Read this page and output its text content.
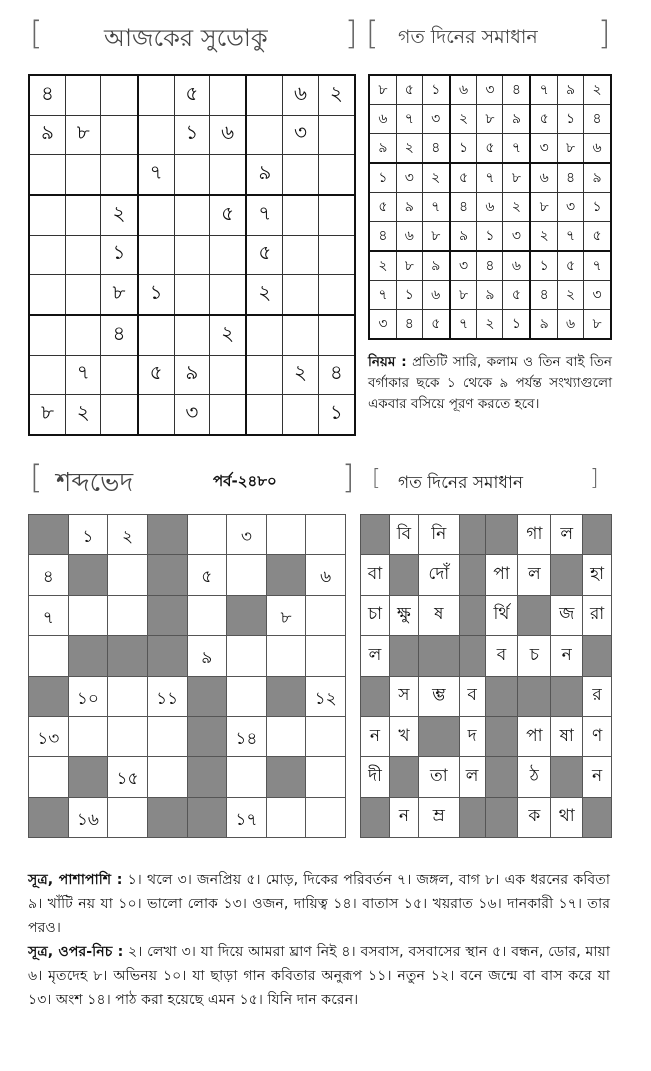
[	আজকের সুডোকু ] [ গত দিনের সমাধান ]
৪				৫			৬	২
৯	৮			১	৬		৩	
			৭			৯		
		২			৫	৭		
		১				৫		
		৮	১			২		
		৪			২			
	৭		৫	৯			২	৪
৮	২			৩				১
৮	৫	১	৬	৩	৪	৭	৯	২
৬	৭	৩	২	৮	৯	৫	১	৪
৯	২	৪	১	৫	৭	৩	৮	৬
১	৩	২	৫	৭	৮	৬	৪	৯
৫	৯	৭	৪	৬	২	৮	৩	১
৪	৬	৮	৯	১	৩	২	৭	৫
২	৮	৯	৩	৪	৬	১	৫	৭
৭	১	৬	৮	৯	৫	৪	২	৩
৩	৪	৫	৭	২	১	৯	৬	৮
নিয়ম : প্রতিটি সারি, কলাম ও তিন বাই তিন বর্গাকার ছকে ১ থেকে ৯ পর্যন্ত সংখ্যাগুলো একবার বসিয়ে পূরণ করতে হবে।
[ শব্দভেদ	পর্ব-২৪৮০ ] [ গত দিনের সমাধান	]

	১	২			৩		

৪				৫			৬

৭						৮	

				৯			

	১০		১১				১২

১৩					১৪		

		১৫					

	১৬				১৭		

	বি	নি			গা	ল	
বা		দোঁ		পা	ল		হা
চা	ক্ষু	ষ		র্থি		জ	রা
ল				ব	চ	ন	
	স	ম্ভ	ব				র
ন	খ		দ		পা	ষা	ণ
দী		তা	ল		ঠ		ন
	ন	ম্র			ক	থা	
সূত্র, পাশাপাশি : ১। থলে ৩। জনপ্রিয় ৫। মোড়, দিকের পরিবর্তন ৭। জঙ্গল, বাগ ৮। এক ধরনের কবিতা ৯। খাঁটি নয় যা ১০। ভালো লোক ১৩। ওজন, দায়িত্ব ১৪। বাতাস ১৫। খয়রাত ১৬। দানকারী ১৭। তার পরও।
সূত্র, ওপর-নিচ : ২। লেখা ৩। যা দিয়ে আমরা ঘ্রাণ নিই ৪। বসবাস, বসবাসের স্থান ৫। বন্ধন, ডোর, মায়া ৬। মৃতদেহ ৮। অভিনয় ১০। যা ছাড়া গান কবিতার অনুরূপ ১১। নতুন ১২। বনে জন্মে বা বাস করে যা ১৩। অংশ ১৪। পাঠ করা হয়েছে এমন ১৫। যিনি দান করেন।
